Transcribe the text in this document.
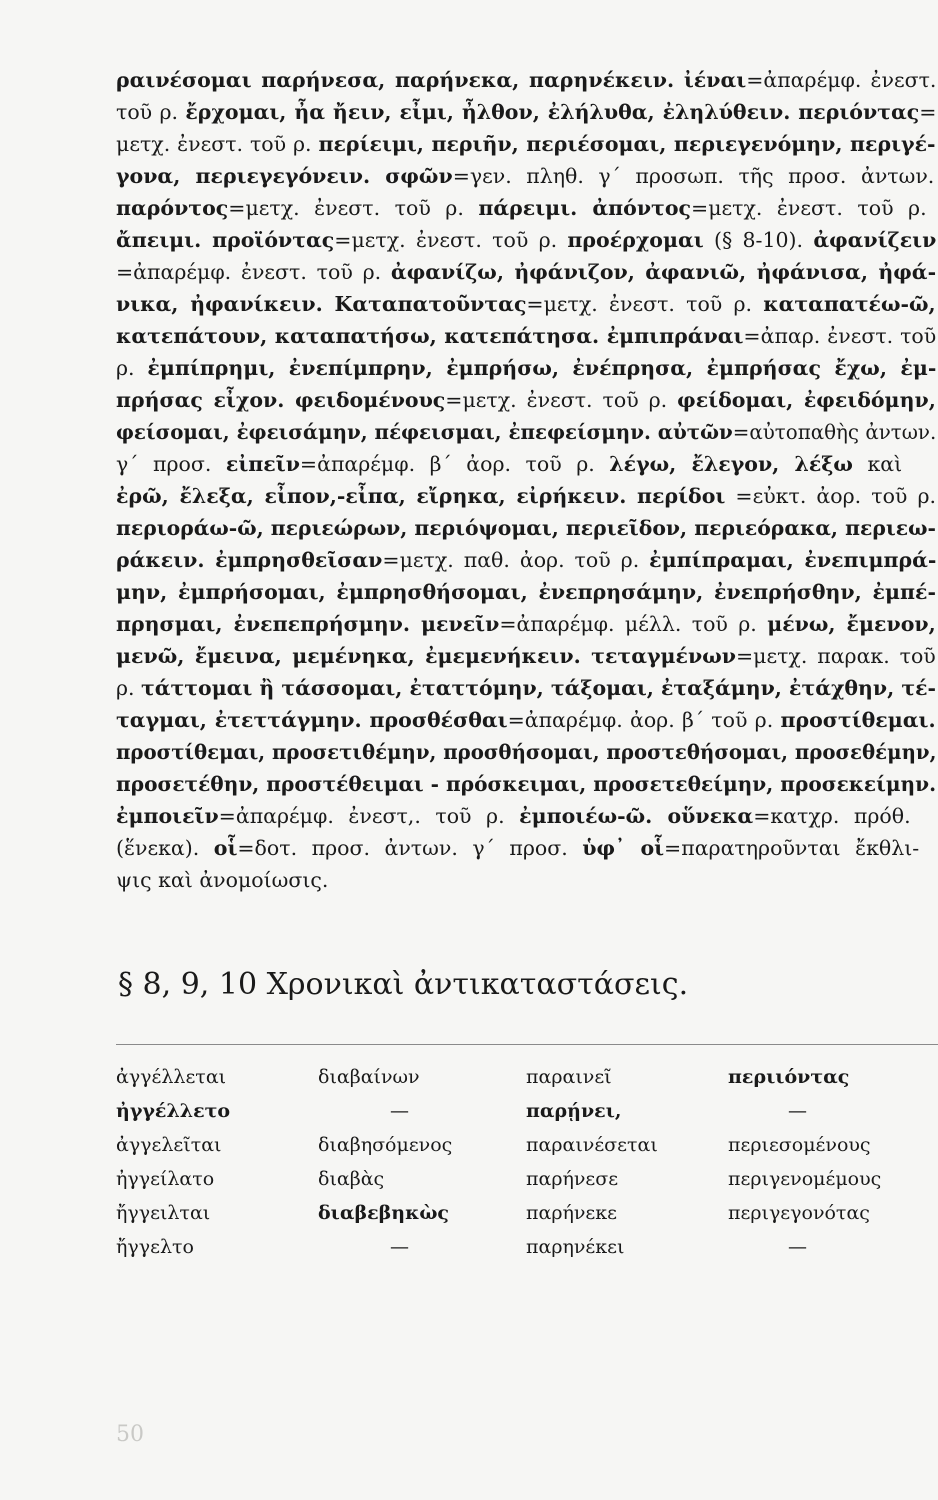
ραινέσομαι παρήνεσα, παρήνεκα, παρηνέκειν. ἰέναι=ἀπαρέμφ. ἐνεστ.
τοῦ ρ. ἔρχομαι, ἦα ἤειν, εἶμι, ἦλθον, ἐλήλυθα, ἐληλύθειν. περιόντας=
μετχ. ἐνεστ. τοῦ ρ. περίειμι, περιῆν, περιέσομαι, περιεγενόμην, περιγέ-
γονα, περιεγεγόνειν. σφῶν=γεν. πληθ. γ΄ προσωπ. τῆς προσ. ἀντων.
παρόντος=μετχ. ἐνεστ. τοῦ ρ. πάρειμι. ἀπόντος=μετχ. ἐνεστ. τοῦ ρ.
ἄπειμι. προϊόντας=μετχ. ἐνεστ. τοῦ ρ. προέρχομαι (§ 8-10). ἀφανίζειν
=ἀπαρέμφ. ἐνεστ. τοῦ ρ. ἀφανίζω, ἠφάνιζον, ἀφανιῶ, ἠφάνισα, ἠφά-
νικα, ἠφανίκειν. Καταπατοῦντας=μετχ. ἐνεστ. τοῦ ρ. καταπατέω-ῶ,
κατεπάτουν, καταπατήσω, κατεπάτησα. ἐμπιπράναι=ἀπαρ. ἐνεστ. τοῦ
ρ. ἐμπίπρημι, ἐνεπίμπρην, ἐμπρήσω, ἐνέπρησα, ἐμπρήσας ἔχω, ἐμ-
πρήσας εἶχον. φειδομένους=μετχ. ἐνεστ. τοῦ ρ. φείδομαι, ἐφειδόμην,
φείσομαι, ἐφεισάμην, πέφεισμαι, ἐπεφείσμην. αὐτῶν=αὐτοπαθὴς ἀντων.
γ΄ προσ. εἰπεῖν=ἀπαρέμφ. β΄ ἀορ. τοῦ ρ. λέγω, ἔλεγον, λέξω καὶ
ἐρῶ, ἔλεξα, εἶπον,-εἶπα, εἴρηκα, εἰρήκειν. περίδοι =εὐκτ. ἀορ. τοῦ ρ.
περιοράω-ῶ, περιεώρων, περιόψομαι, περιεῖδον, περιεόρακα, περιεω-
ράκειν. ἐμπρησθεῖσαν=μετχ. παθ. ἀορ. τοῦ ρ. ἐμπίπραμαι, ἐνεπιμπρά-
μην, ἐμπρήσομαι, ἐμπρησθήσομαι, ἐνεπρησάμην, ἐνεπρήσθην, ἐμπέ-
πρησμαι, ἐνεπεπρήσμην. μενεῖν=ἀπαρέμφ. μέλλ. τοῦ ρ. μένω, ἔμενον,
μενῶ, ἔμεινα, μεμένηκα, ἐμεμενήκειν. τεταγμένων=μετχ. παρακ. τοῦ
ρ. τάττομαι ἢ τάσσομαι, ἐταττόμην, τάξομαι, ἐταξάμην, ἐτάχθην, τέ-
ταγμαι, ἐτεττάγμην. προσθέσθαι=ἀπαρέμφ. ἀορ. β΄ τοῦ ρ. προστίθεμαι.
προστίθεμαι, προσετιθέμην, προσθήσομαι, προστεθήσομαι, προσεθέμην,
προσετέθην, προστέθειμαι - πρόσκειμαι, προσετεθείμην, προσεκείμην.
ἐμποιεῖν=ἀπαρέμφ. ἐνεστ,. τοῦ ρ. ἐμποιέω-ῶ. οὕνεκα=κατχρ. πρόθ.
(ἕνεκα). οἷ=δοτ. προσ. ἀντων. γ΄ προσ. ὑφ᾿ οἷ=παρατηροῦνται ἔκθλι-
ψις καὶ ἀνομοίωσις.
§ 8, 9, 10 Χρονικαὶ ἀντικαταστάσεις.
ἀγγέλλεται	διαβαίνων	παραινεῖ	περιιόντας
ἠγγέλλετο	—	παρῄνει,	—
ἀγγελεῖται	διαβησόμενος	παραινέσεται	περιεσομένους
ἠγγείλατο	διαβὰς	παρήνεσε	περιγενομέμους
ἤγγειλται	διαβεβηκὼς	παρήνεκε	περιγεγονότας
ἤγγελτο	—	παρηνέκει	—
50
